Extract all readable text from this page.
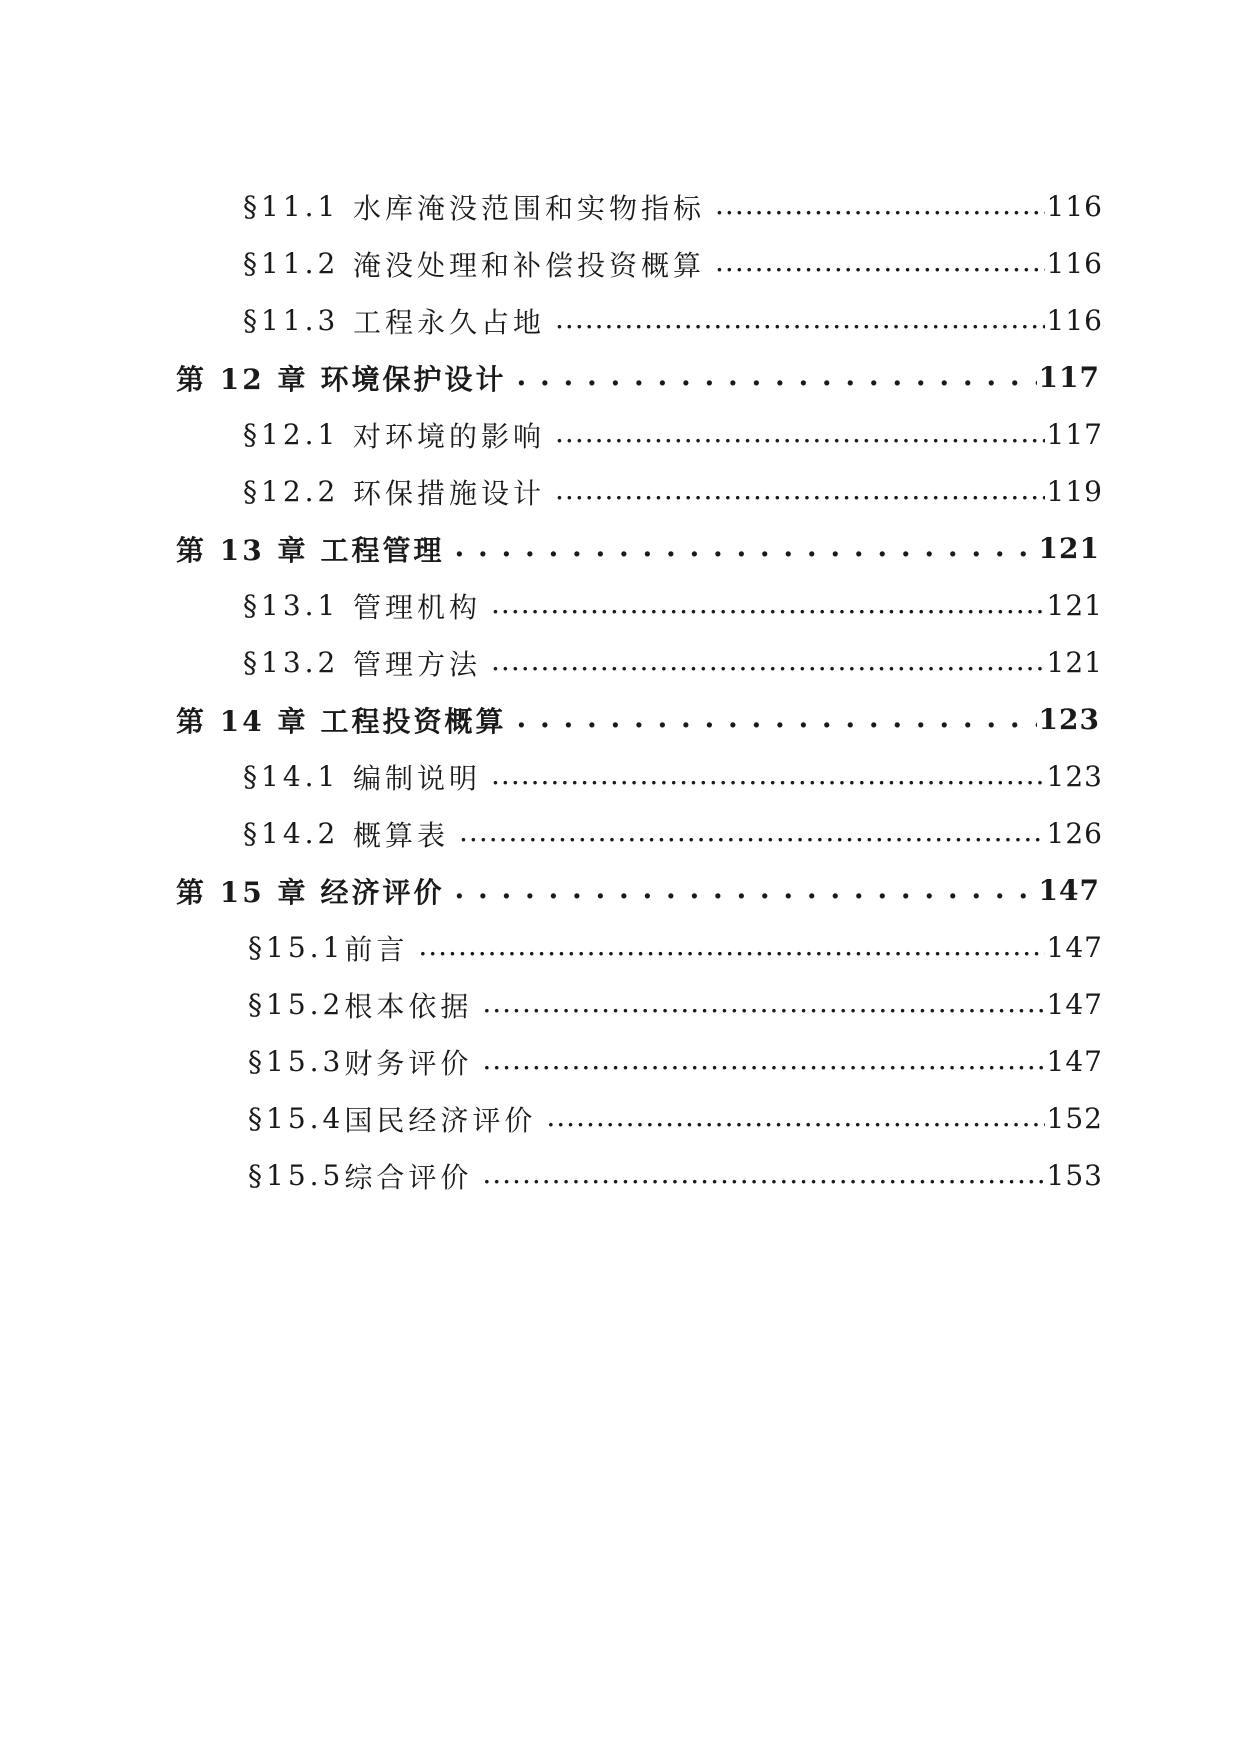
§11.1 水库淹没范围和实物指标 .....	116
§11.2 淹没处理和补偿投资概算 .....	116
§11.3 工程永久占地 .....	116
第 12 章 环境保护设计 . . .	117
§12.1 对环境的影响 .....	117
§12.2 环保措施设计 .....	119
第 13 章 工程管理 . . .	121
§13.1 管理机构 .....	121
§13.2 管理方法 .....	121
第 14 章 工程投资概算 . . .	123
§14.1 编制说明 .....	123
§14.2 概算表 .....	126
第 15 章 经济评价 . . .	147
§15.1 前言 .....	147
§15.2 根本依据 .....	147
§15.3 财务评价 .....	147
§15.4 国民经济评价 .....	152
§15.5 综合评价 .....	153
